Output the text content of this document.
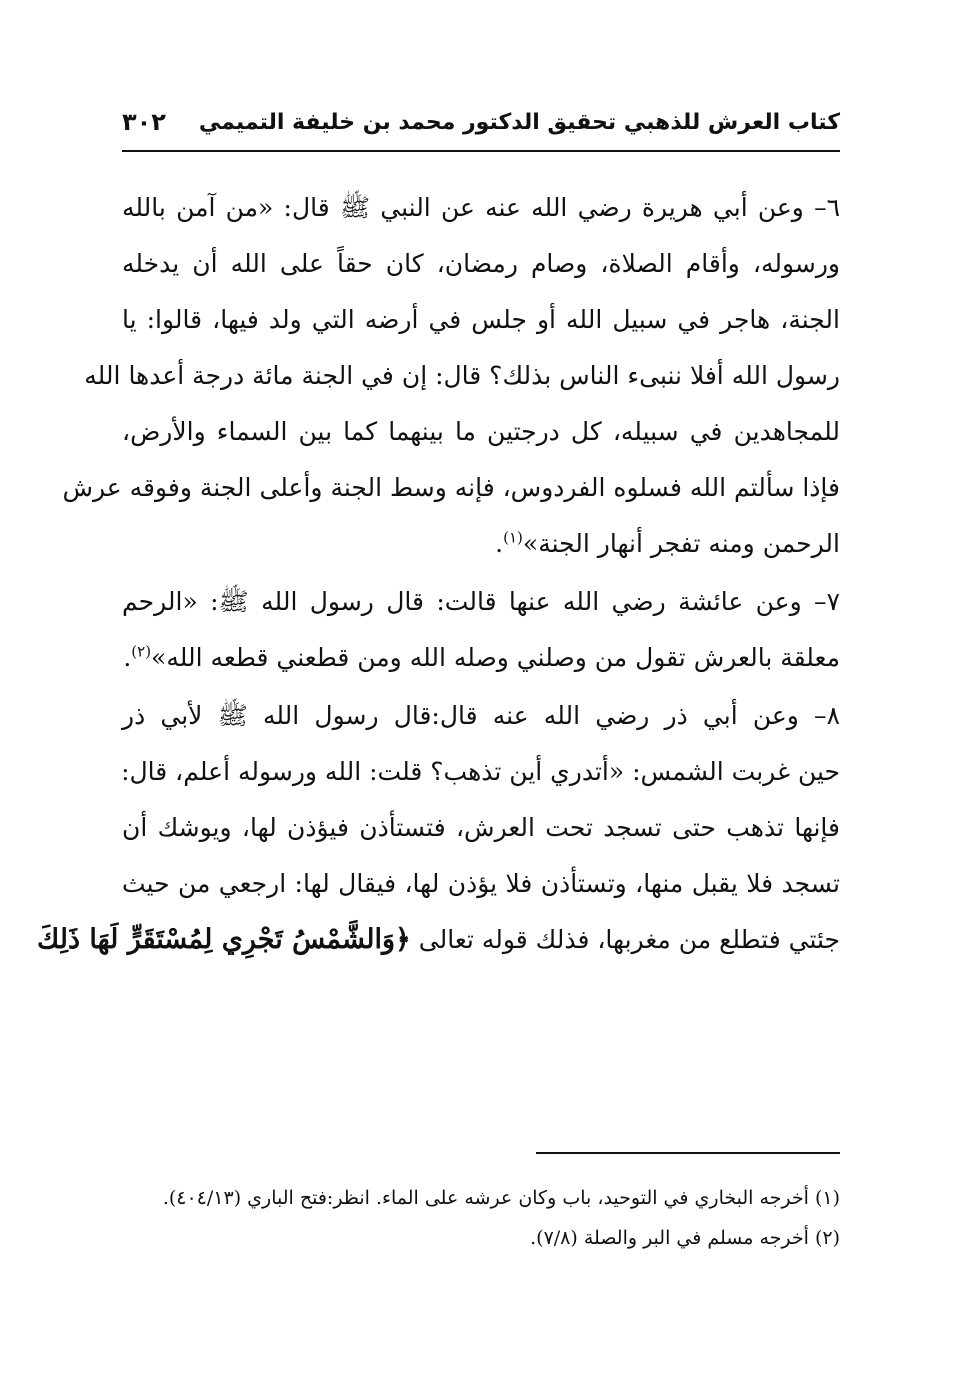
كتاب العرش للذهبي تحقيق الدكتور محمد بن خليفة التميمي
٣٠٢
٦– وعن أبي هريرة رضي الله عنه عن النبي ﷺ قال: «من آمن بالله
ورسوله، وأقام الصلاة، وصام رمضان، كان حقاً على الله أن يدخله
الجنة، هاجر في سبيل الله أو جلس في أرضه التي ولد فيها، قالوا: يا
رسول الله أفلا ننبىء الناس بذلك؟ قال: إن في الجنة مائة درجة أعدها الله
للمجاهدين في سبيله، كل درجتين ما بينهما كما بين السماء والأرض،
فإذا سألتم الله فسلوه الفردوس، فإنه وسط الجنة وأعلى الجنة وفوقه عرش
الرحمن ومنه تفجر أنهار الجنة»$^{(١)}$.
٧– وعن عائشة رضي الله عنها قالت: قال رسول الله ﷺ: «الرحم
معلقة بالعرش تقول من وصلني وصله الله ومن قطعني قطعه الله»$^{(٢)}$.
٨– وعن أبي ذر رضي الله عنه قال:قال رسول الله ﷺ لأبي ذر
حين غربت الشمس: «أتدري أين تذهب؟ قلت: الله ورسوله أعلم، قال:
فإنها تذهب حتى تسجد تحت العرش، فتستأذن فيؤذن لها، ويوشك أن
تسجد فلا يقبل منها، وتستأذن فلا يؤذن لها، فيقال لها: ارجعي من حيث
جئتي فتطلع من مغربها، فذلك قوله تعالى ﴿وَالشَّمْسُ تَجْرِي لِمُسْتَقَرٍّ لَهَا ذَلِكَ
(١) أخرجه البخاري في التوحيد، باب وكان عرشه على الماء. انظر:فتح الباري (٤٠٤/١٣).
(٢) أخرجه مسلم في البر والصلة (٧/٨).
